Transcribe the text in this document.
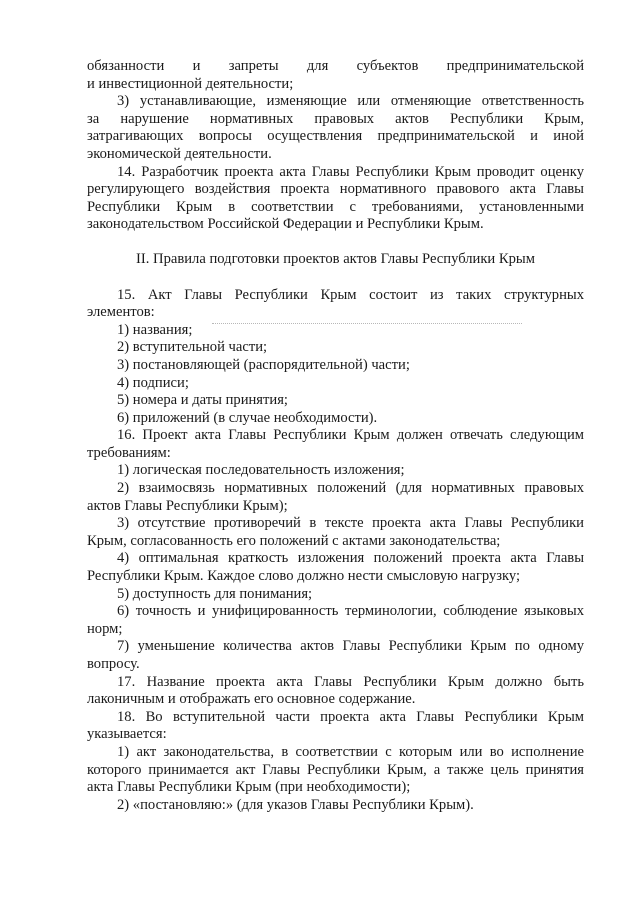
обязанности и запреты для субъектов предпринимательской

и инвестиционной деятельности;

3) устанавливающие, изменяющие или отменяющие ответственность

за нарушение нормативных правовых актов Республики Крым,

затрагивающих вопросы осуществления предпринимательской и иной

экономической деятельности.

14. Разработчик проекта акта Главы Республики Крым проводит оценку

регулирующего воздействия проекта нормативного правового акта Главы

Республики Крым в соответствии с требованиями, установленными

законодательством Российской Федерации и Республики Крым.

II. Правила подготовки проектов актов Главы Республики Крым

15. Акт Главы Республики Крым состоит из таких структурных

элементов:

1) названия;

2) вступительной части;

3) постановляющей (распорядительной) части;

4) подписи;

5) номера и даты принятия;

6) приложений (в случае необходимости).

16. Проект акта Главы Республики Крым должен отвечать следующим

требованиям:

1) логическая последовательность изложения;

2) взаимосвязь нормативных положений (для нормативных правовых

актов Главы Республики Крым);

3) отсутствие противоречий в тексте проекта акта Главы Республики

Крым, согласованность его положений с актами законодательства;

4) оптимальная краткость изложения положений проекта акта Главы

Республики Крым. Каждое слово должно нести смысловую нагрузку;

5) доступность для понимания;

6) точность и унифицированность терминологии, соблюдение языковых

норм;

7) уменьшение количества актов Главы Республики Крым по одному

вопросу.

17. Название проекта акта Главы Республики Крым должно быть

лаконичным и отображать его основное содержание.

18. Во вступительной части проекта акта Главы Республики Крым

указывается:

1) акт законодательства, в соответствии с которым или во исполнение

которого принимается акт Главы Республики Крым, а также цель принятия

акта Главы Республики Крым (при необходимости);

2) «постановляю:» (для указов Главы Республики Крым).
